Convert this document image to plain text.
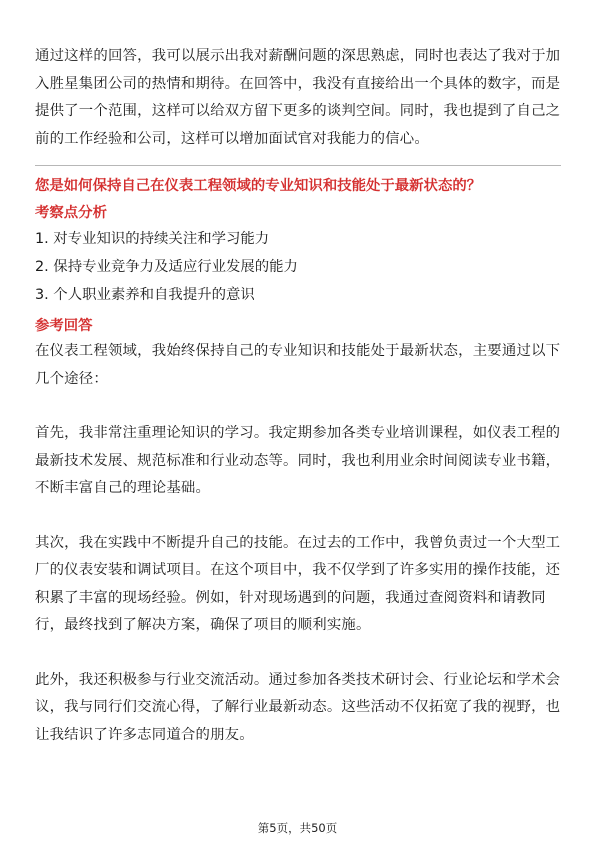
通过这样的回答，我可以展示出我对薪酬问题的深思熟虑，同时也表达了我对于加入胜星集团公司的热情和期待。在回答中，我没有直接给出一个具体的数字，而是提供了一个范围，这样可以给双方留下更多的谈判空间。同时，我也提到了自己之前的工作经验和公司，这样可以增加面试官对我能力的信心。

您是如何保持自己在仪表工程领域的专业知识和技能处于最新状态的？

考察点分析

1. 对专业知识的持续关注和学习能力

2. 保持专业竞争力及适应行业发展的能力

3. 个人职业素养和自我提升的意识

参考回答

在仪表工程领域，我始终保持自己的专业知识和技能处于最新状态，主要通过以下几个途径：

首先，我非常注重理论知识的学习。我定期参加各类专业培训课程，如仪表工程的最新技术发展、规范标准和行业动态等。同时，我也利用业余时间阅读专业书籍，不断丰富自己的理论基础。

其次，我在实践中不断提升自己的技能。在过去的工作中，我曾负责过一个大型工厂的仪表安装和调试项目。在这个项目中，我不仅学到了许多实用的操作技能，还积累了丰富的现场经验。例如，针对现场遇到的问题，我通过查阅资料和请教同行，最终找到了解决方案，确保了项目的顺利实施。

此外，我还积极参与行业交流活动。通过参加各类技术研讨会、行业论坛和学术会议，我与同行们交流心得，了解行业最新动态。这些活动不仅拓宽了我的视野，也让我结识了许多志同道合的朋友。

第5页，共50页
